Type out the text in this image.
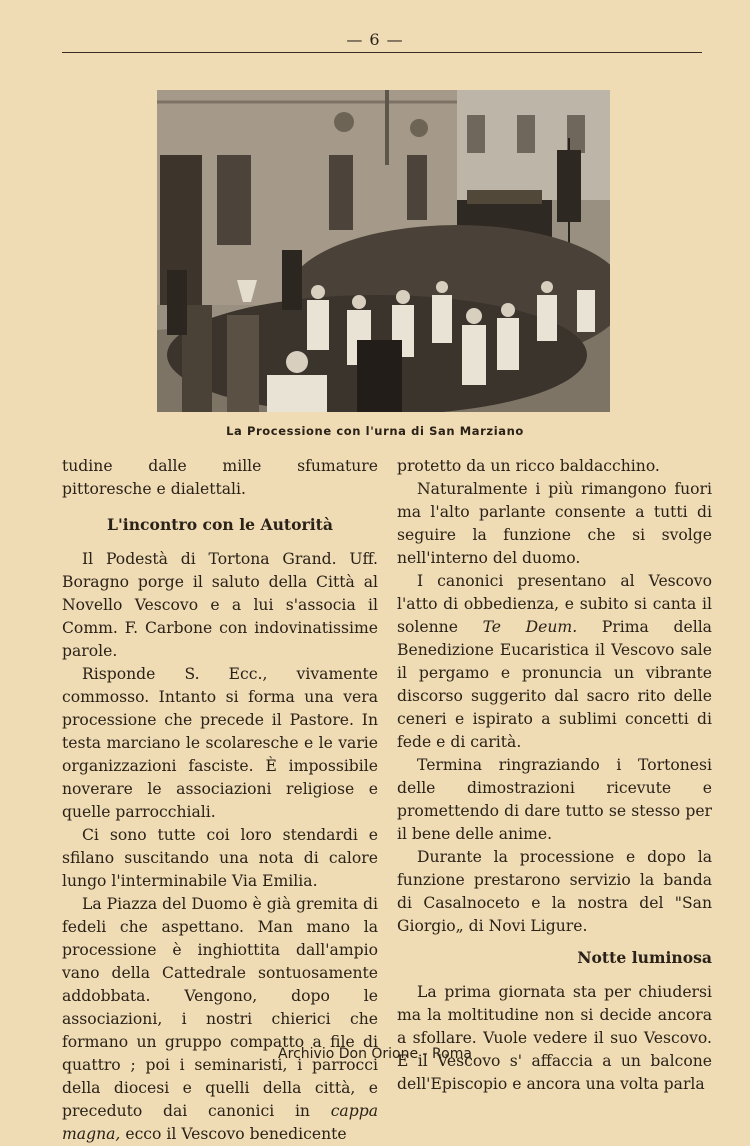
— 6 —
La Processione con l'urna di San Marziano

tudine dalle mille sfumature pittoresche e dialettali.

L'incontro con le Autorità

Il Podestà di Tortona Grand. Uff. Boragno porge il saluto della Città al Novello Vescovo e a lui s'associa il Comm. F. Carbone con indovinatissime parole.

Risponde S. Ecc., vivamente commosso. Intanto si forma una vera processione che precede il Pastore. In testa marciano le scolaresche e le varie organizzazioni fasciste. È impossibile noverare le associazioni religiose e quelle parrocchiali.

Ci sono tutte coi loro stendardi e sfilano suscitando una nota di calore lungo l'interminabile Via Emilia.

La Piazza del Duomo è già gremita di fedeli che aspettano. Man mano la processione è inghiottita dall'ampio vano della Cattedrale sontuosamente addobbata. Vengono, dopo le associazioni, i nostri chierici che formano un gruppo compatto a file di quattro ; poi i seminaristi, i parrocci della diocesi e quelli della città, e preceduto dai canonici in cappa magna, ecco il Vescovo benedicente

protetto da un ricco baldacchino.

Naturalmente i più rimangono fuori ma l'alto parlante consente a tutti di seguire la funzione che si svolge nell'interno del duomo.

I canonici presentano al Vescovo l'atto di obbedienza, e subito si canta il solenne Te Deum. Prima della Benedizione Eucaristica il Vescovo sale il pergamo e pronuncia un vibrante discorso suggerito dal sacro rito delle ceneri e ispirato a sublimi concetti di fede e di carità.

Termina ringraziando i Tortonesi delle dimostrazioni ricevute e promettendo di dare tutto se stesso per il bene delle anime.

Durante la processione e dopo la funzione prestarono servizio la banda di Casalnoceto e la nostra del "San Giorgio„ di Novi Ligure.

Notte luminosa

La prima giornata sta per chiudersi ma la moltitudine non si decide ancora a sfollare. Vuole vedere il suo Vescovo. E il Vescovo s' affaccia a un balcone dell'Episcopio e ancora una volta parla

Archivio Don Orione - Roma
